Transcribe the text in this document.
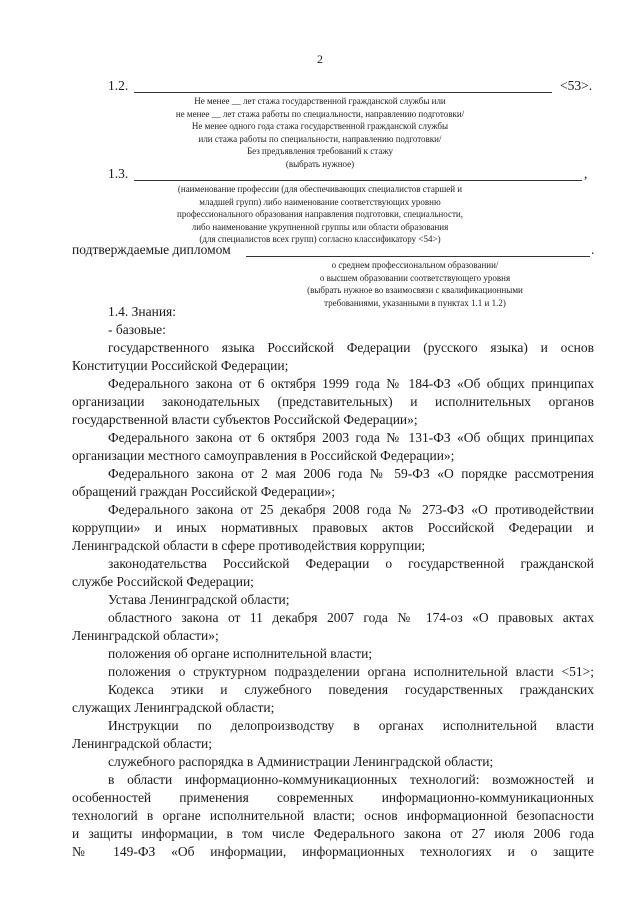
2
1.2.	<53>.
Не менее __ лет стажа государственной гражданской службы или
не менее __ лет стажа работы по специальности, направлению подготовки/
Не менее одного года стажа государственной гражданской службы
или стажа работы по специальности, направлению подготовки/
Без предъявления требований к стажу
(выбрать нужное)
1.3.	,
(наименование профессии (для обеспечивающих специалистов старшей и
младшей групп) либо наименование соответствующих уровню
профессионального образования направления подготовки, специальности,
либо наименование укрупненной группы или области образования
(для специалистов всех групп) согласно классификатору <54>)
подтверждаемые дипломом	.
о среднем профессиональном образовании/
о высшем образовании соответствующего уровня
(выбрать нужное во взаимосвязи с квалификационными
требованиями, указанными в пунктах 1.1 и 1.2)
1.4. Знания:
- базовые:
государственного языка Российской Федерации (русского языка) и основ
Конституции Российской Федерации;
Федерального закона от 6 октября 1999 года № 184-ФЗ «Об общих принципах
организации законодательных (представительных) и исполнительных органов
государственной власти субъектов Российской Федерации»;
Федерального закона от 6 октября 2003 года № 131-ФЗ «Об общих принципах
организации местного самоуправления в Российской Федерации»;
Федерального закона от 2 мая 2006 года № 59-ФЗ «О порядке рассмотрения
обращений граждан Российской Федерации»;
Федерального закона от 25 декабря 2008 года № 273-ФЗ «О противодействии
коррупции» и иных нормативных правовых актов Российской Федерации и
Ленинградской области в сфере противодействия коррупции;
законодательства Российской Федерации о государственной гражданской
службе Российской Федерации;
Устава Ленинградской области;
областного закона от 11 декабря 2007 года № 174-оз «О правовых актах
Ленинградской области»;
положения об органе исполнительной власти;
положения о структурном подразделении органа исполнительной власти <51>;
Кодекса этики и служебного поведения государственных гражданских
служащих Ленинградской области;
Инструкции по делопроизводству в органах исполнительной власти
Ленинградской области;
служебного распорядка в Администрации Ленинградской области;
в области информационно-коммуникационных технологий: возможностей и
особенностей применения современных информационно-коммуникационных
технологий в органе исполнительной власти; основ информационной безопасности
и защиты информации, в том числе Федерального закона от 27 июля 2006 года
№ 149-ФЗ «Об информации, информационных технологиях и о защите
